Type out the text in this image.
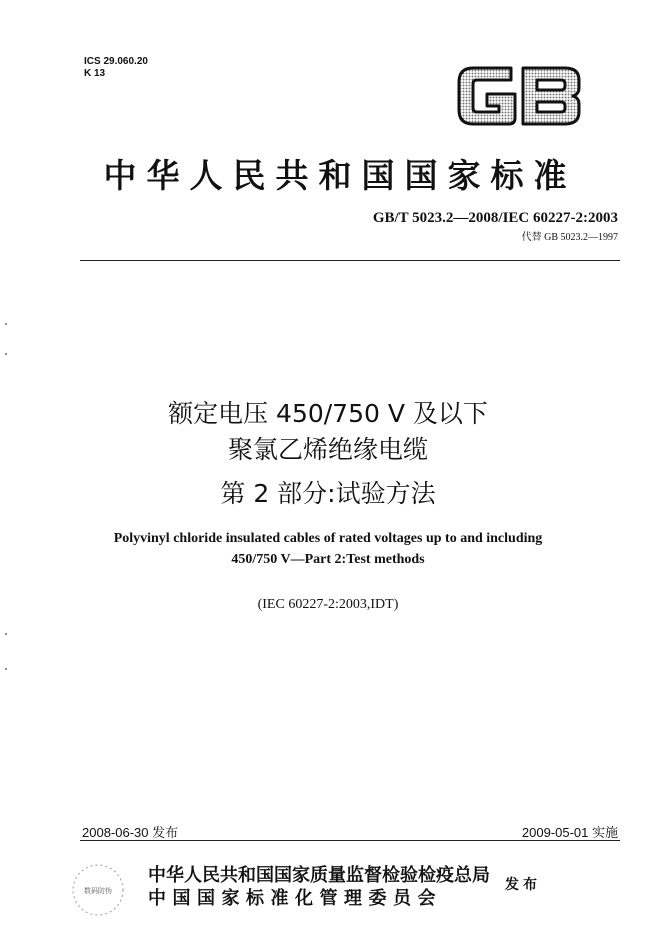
ICS 29.060.20
K 13
中华人民共和国国家标准
GB/T 5023.2—2008/IEC 60227-2:2003
代替 GB 5023.2—1997
额定电压 450/750 V 及以下
聚氯乙烯绝缘电缆
第 2 部分:试验方法
Polyvinyl chloride insulated cables of rated voltages up to and including
450/750 V—Part 2:Test methods
(IEC 60227-2:2003,IDT)
2008-06-30 发布	2009-05-01 实施
数码防伪
中华人民共和国国家质量监督检验检疫总局
中国国家标准化管理委员会
发布
